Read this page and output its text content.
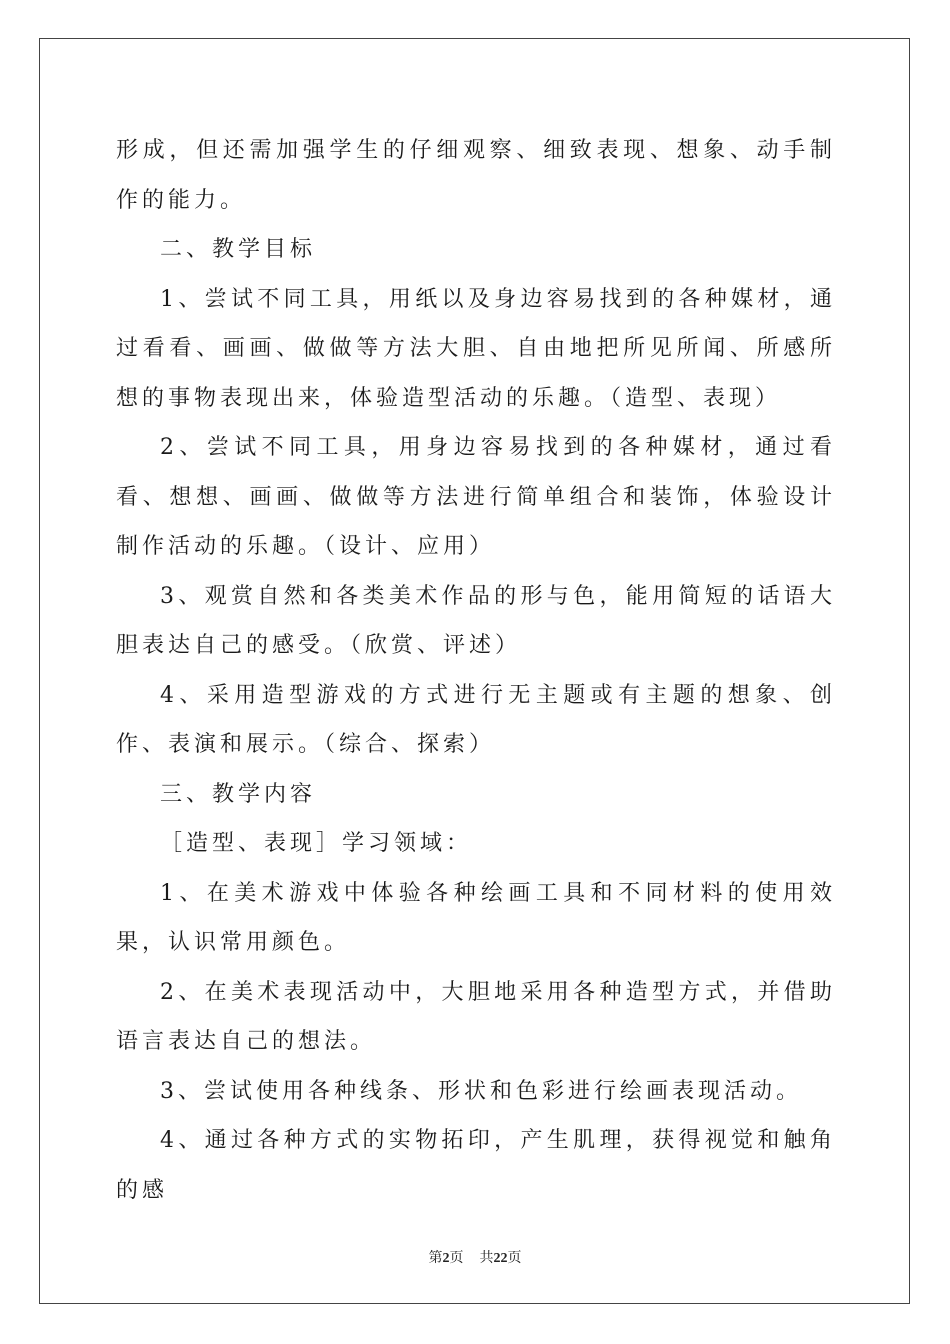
形成，但还需加强学生的仔细观察、细致表现、想象、动手制作的能力。

二、教学目标

1、尝试不同工具，用纸以及身边容易找到的各种媒材，通过看看、画画、做做等方法大胆、自由地把所见所闻、所感所想的事物表现出来，体验造型活动的乐趣。（造型、表现）

2、尝试不同工具，用身边容易找到的各种媒材，通过看看、想想、画画、做做等方法进行简单组合和装饰，体验设计制作活动的乐趣。（设计、应用）

3、观赏自然和各类美术作品的形与色，能用简短的话语大胆表达自己的感受。（欣赏、评述）

4、采用造型游戏的方式进行无主题或有主题的想象、创作、表演和展示。（综合、探索）

三、教学内容

［造型、表现］学习领域：

1、在美术游戏中体验各种绘画工具和不同材料的使用效果，认识常用颜色。

2、在美术表现活动中，大胆地采用各种造型方式，并借助语言表达自己的想法。

3、尝试使用各种线条、形状和色彩进行绘画表现活动。

4、通过各种方式的实物拓印，产生肌理，获得视觉和触角的感

第2页 共22页
